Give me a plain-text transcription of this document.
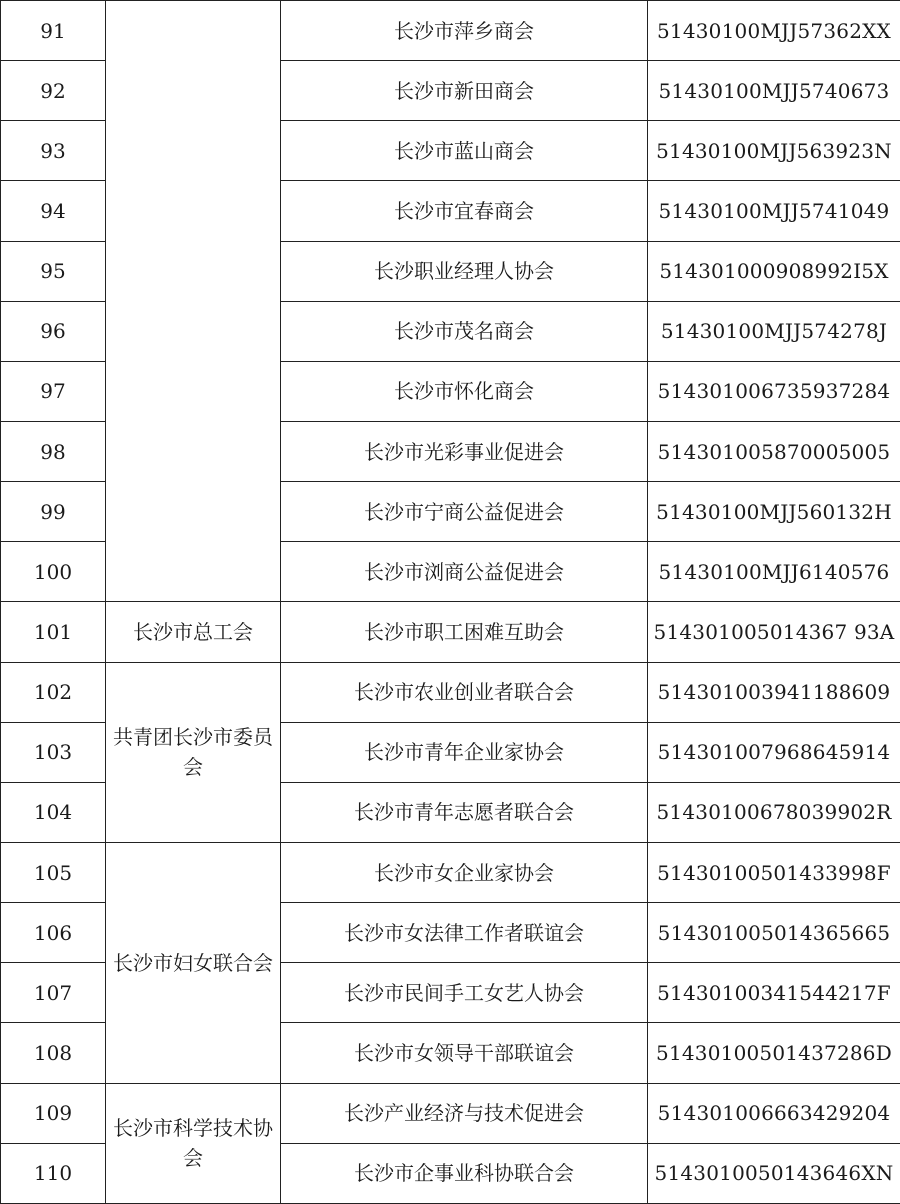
91		长沙市萍乡商会	51430100MJJ57362XX
92		长沙市新田商会	51430100MJJ5740673
93		长沙市蓝山商会	51430100MJJ563923N
94		长沙市宜春商会	51430100MJJ5741049
95		长沙职业经理人协会	514301000908992I5X
96		长沙市茂名商会	51430100MJJ574278J
97		长沙市怀化商会	514301006735937284
98		长沙市光彩事业促进会	514301005870005005
99		长沙市宁商公益促进会	51430100MJJ560132H
100		长沙市浏商公益促进会	51430100MJJ6140576
101	长沙市总工会	长沙市职工困难互助会	514301005014367 93A
102	共青团长沙市委员会	长沙市农业创业者联合会	514301003941188609
103		长沙市青年企业家协会	514301007968645914
104		长沙市青年志愿者联合会	51430100678039902R
105	长沙市妇女联合会	长沙市女企业家协会	51430100501433998F
106		长沙市女法律工作者联谊会	514301005014365665
107		长沙市民间手工女艺人协会	51430100341544217F
108		长沙市女领导干部联谊会	51430100501437286D
109	长沙市科学技术协会	长沙产业经济与技术促进会	514301006663429204
110		长沙市企事业科协联合会	5143010050143646XN
